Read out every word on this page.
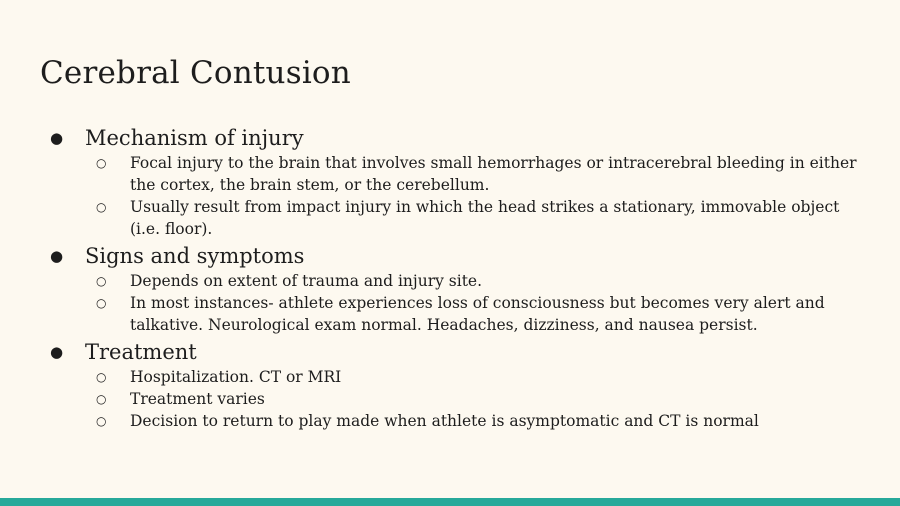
Cerebral Contusion
● Mechanism of injury
○ Focal injury to the brain that involves small hemorrhages or intracerebral bleeding in either the cortex, the brain stem, or the cerebellum.
○ Usually result from impact injury in which the head strikes a stationary, immovable object (i.e. floor).
● Signs and symptoms
○ Depends on extent of trauma and injury site.
○ In most instances- athlete experiences loss of consciousness but becomes very alert and talkative. Neurological exam normal. Headaches, dizziness, and nausea persist.
● Treatment
○ Hospitalization. CT or MRI
○ Treatment varies
○ Decision to return to play made when athlete is asymptomatic and CT is normal
